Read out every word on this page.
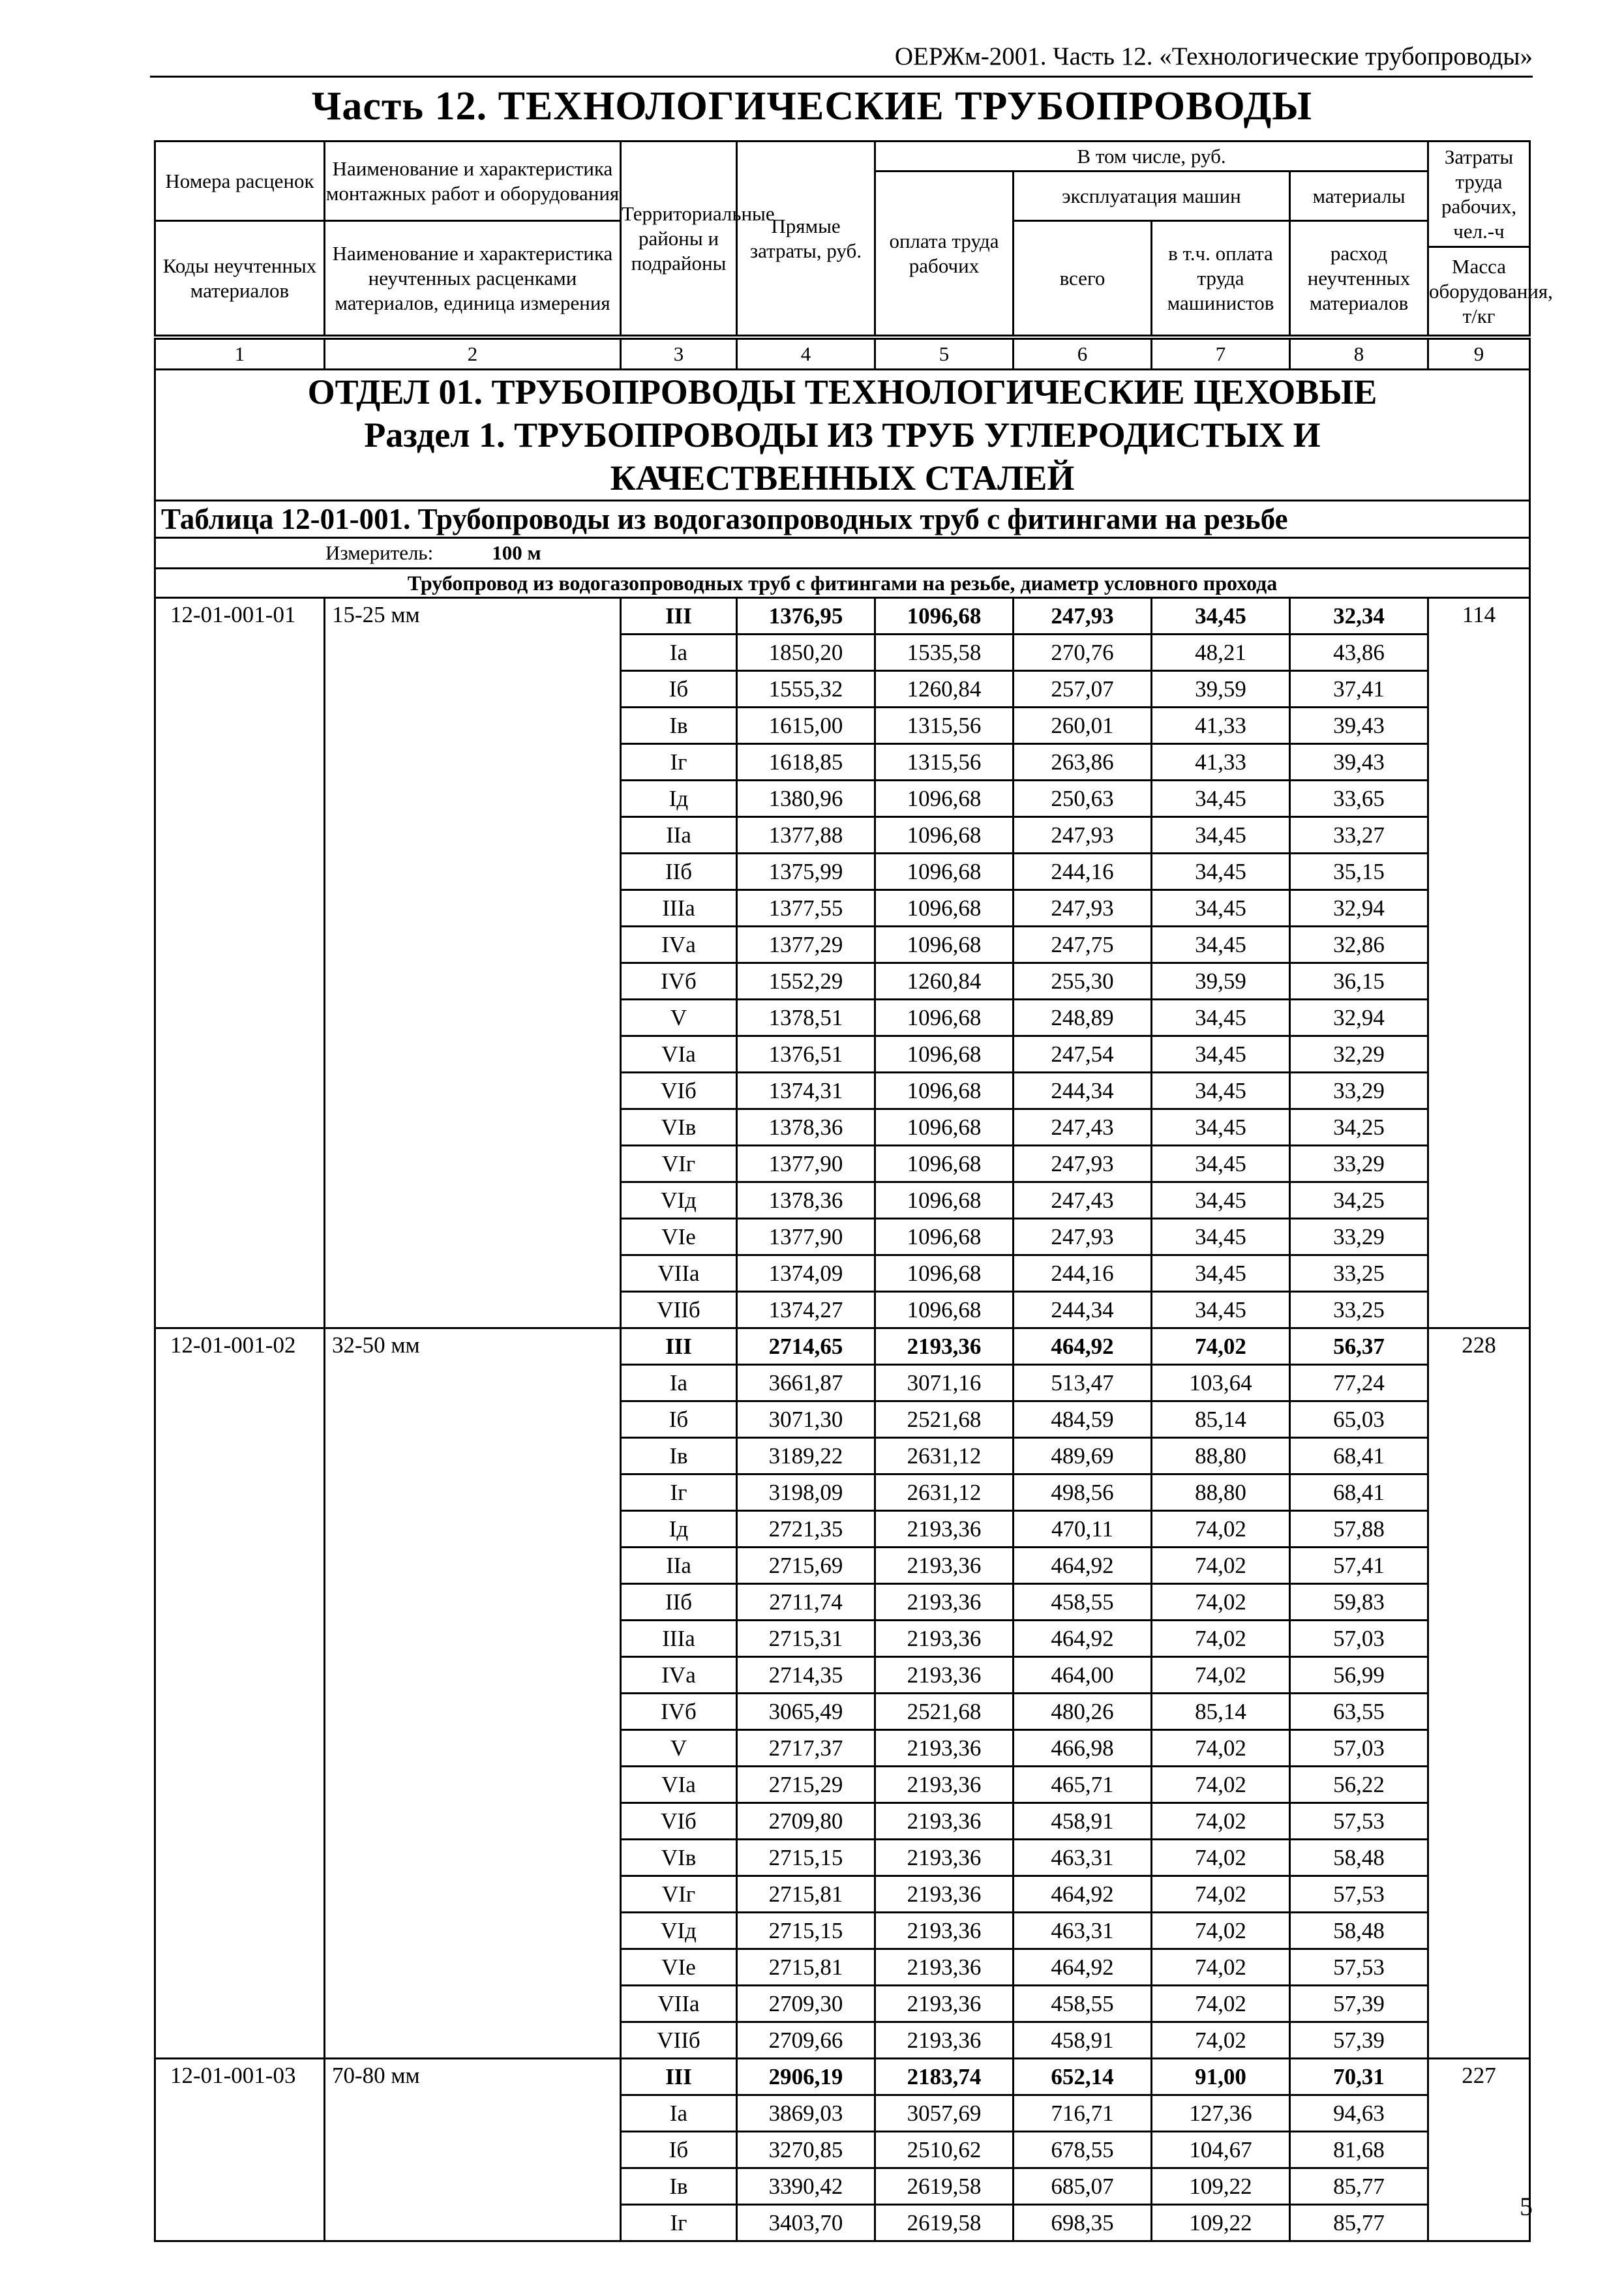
ОЕРЖм-2001. Часть 12. «Технологические трубопроводы»
Часть 12. ТЕХНОЛОГИЧЕСКИЕ ТРУБОПРОВОДЫ
Номера расценок	Наименование и характеристика монтажных работ и оборудования	Территориальные районы и подрайоны	Прямые затраты, руб.	В том числе, руб.				Затраты труда рабочих, чел.-ч
				оплата труда рабочих	эксплуатация машин		материалы	
Коды неучтенных материалов	Наименование и характеристика неучтенных расценками материалов, единица измерения				всего	в т.ч. оплата труда машинистов	расход неучтенных материалов	
								Масса оборудования, т/кг
1	2	3	4	5	6	7	8	9

ОТДЕЛ 01. ТРУБОПРОВОДЫ ТЕХНОЛОГИЧЕСКИЕ ЦЕХОВЫЕ
Раздел 1. ТРУБОПРОВОДЫ ИЗ ТРУБ УГЛЕРОДИСТЫХ И
КАЧЕСТВЕННЫХ СТАЛЕЙ								

Таблица 12-01-001. Трубопроводы из водогазопроводных труб с фитингами на резьбе								
Измеритель: 100 м								
Трубопровод из водогазопроводных труб с фитингами на резьбе, диаметр условного прохода								
12-01-001-01	15-25 мм	III	1376,95	1096,68	247,93	34,45	32,34	114
		Iа	1850,20	1535,58	270,76	48,21	43,86	
		Iб	1555,32	1260,84	257,07	39,59	37,41	
		Iв	1615,00	1315,56	260,01	41,33	39,43	
		Iг	1618,85	1315,56	263,86	41,33	39,43	
		Iд	1380,96	1096,68	250,63	34,45	33,65	
		IIа	1377,88	1096,68	247,93	34,45	33,27	
		IIб	1375,99	1096,68	244,16	34,45	35,15	
		IIIа	1377,55	1096,68	247,93	34,45	32,94	
		IVа	1377,29	1096,68	247,75	34,45	32,86	
		IVб	1552,29	1260,84	255,30	39,59	36,15	
		V	1378,51	1096,68	248,89	34,45	32,94	
		VIа	1376,51	1096,68	247,54	34,45	32,29	
		VIб	1374,31	1096,68	244,34	34,45	33,29	
		VIв	1378,36	1096,68	247,43	34,45	34,25	
		VIг	1377,90	1096,68	247,93	34,45	33,29	
		VIд	1378,36	1096,68	247,43	34,45	34,25	
		VIе	1377,90	1096,68	247,93	34,45	33,29	
		VIIа	1374,09	1096,68	244,16	34,45	33,25	
		VIIб	1374,27	1096,68	244,34	34,45	33,25	
12-01-001-02	32-50 мм	III	2714,65	2193,36	464,92	74,02	56,37	228
		Iа	3661,87	3071,16	513,47	103,64	77,24	
		Iб	3071,30	2521,68	484,59	85,14	65,03	
		Iв	3189,22	2631,12	489,69	88,80	68,41	
		Iг	3198,09	2631,12	498,56	88,80	68,41	
		Iд	2721,35	2193,36	470,11	74,02	57,88	
		IIа	2715,69	2193,36	464,92	74,02	57,41	
		IIб	2711,74	2193,36	458,55	74,02	59,83	
		IIIа	2715,31	2193,36	464,92	74,02	57,03	
		IVа	2714,35	2193,36	464,00	74,02	56,99	
		IVб	3065,49	2521,68	480,26	85,14	63,55	
		V	2717,37	2193,36	466,98	74,02	57,03	
		VIа	2715,29	2193,36	465,71	74,02	56,22	
		VIб	2709,80	2193,36	458,91	74,02	57,53	
		VIв	2715,15	2193,36	463,31	74,02	58,48	
		VIг	2715,81	2193,36	464,92	74,02	57,53	
		VIд	2715,15	2193,36	463,31	74,02	58,48	
		VIе	2715,81	2193,36	464,92	74,02	57,53	
		VIIа	2709,30	2193,36	458,55	74,02	57,39	
		VIIб	2709,66	2193,36	458,91	74,02	57,39	
12-01-001-03	70-80 мм	III	2906,19	2183,74	652,14	91,00	70,31	227
		Iа	3869,03	3057,69	716,71	127,36	94,63	
		Iб	3270,85	2510,62	678,55	104,67	81,68	
		Iв	3390,42	2619,58	685,07	109,22	85,77	
		Iг	3403,70	2619,58	698,35	109,22	85,77	
5
